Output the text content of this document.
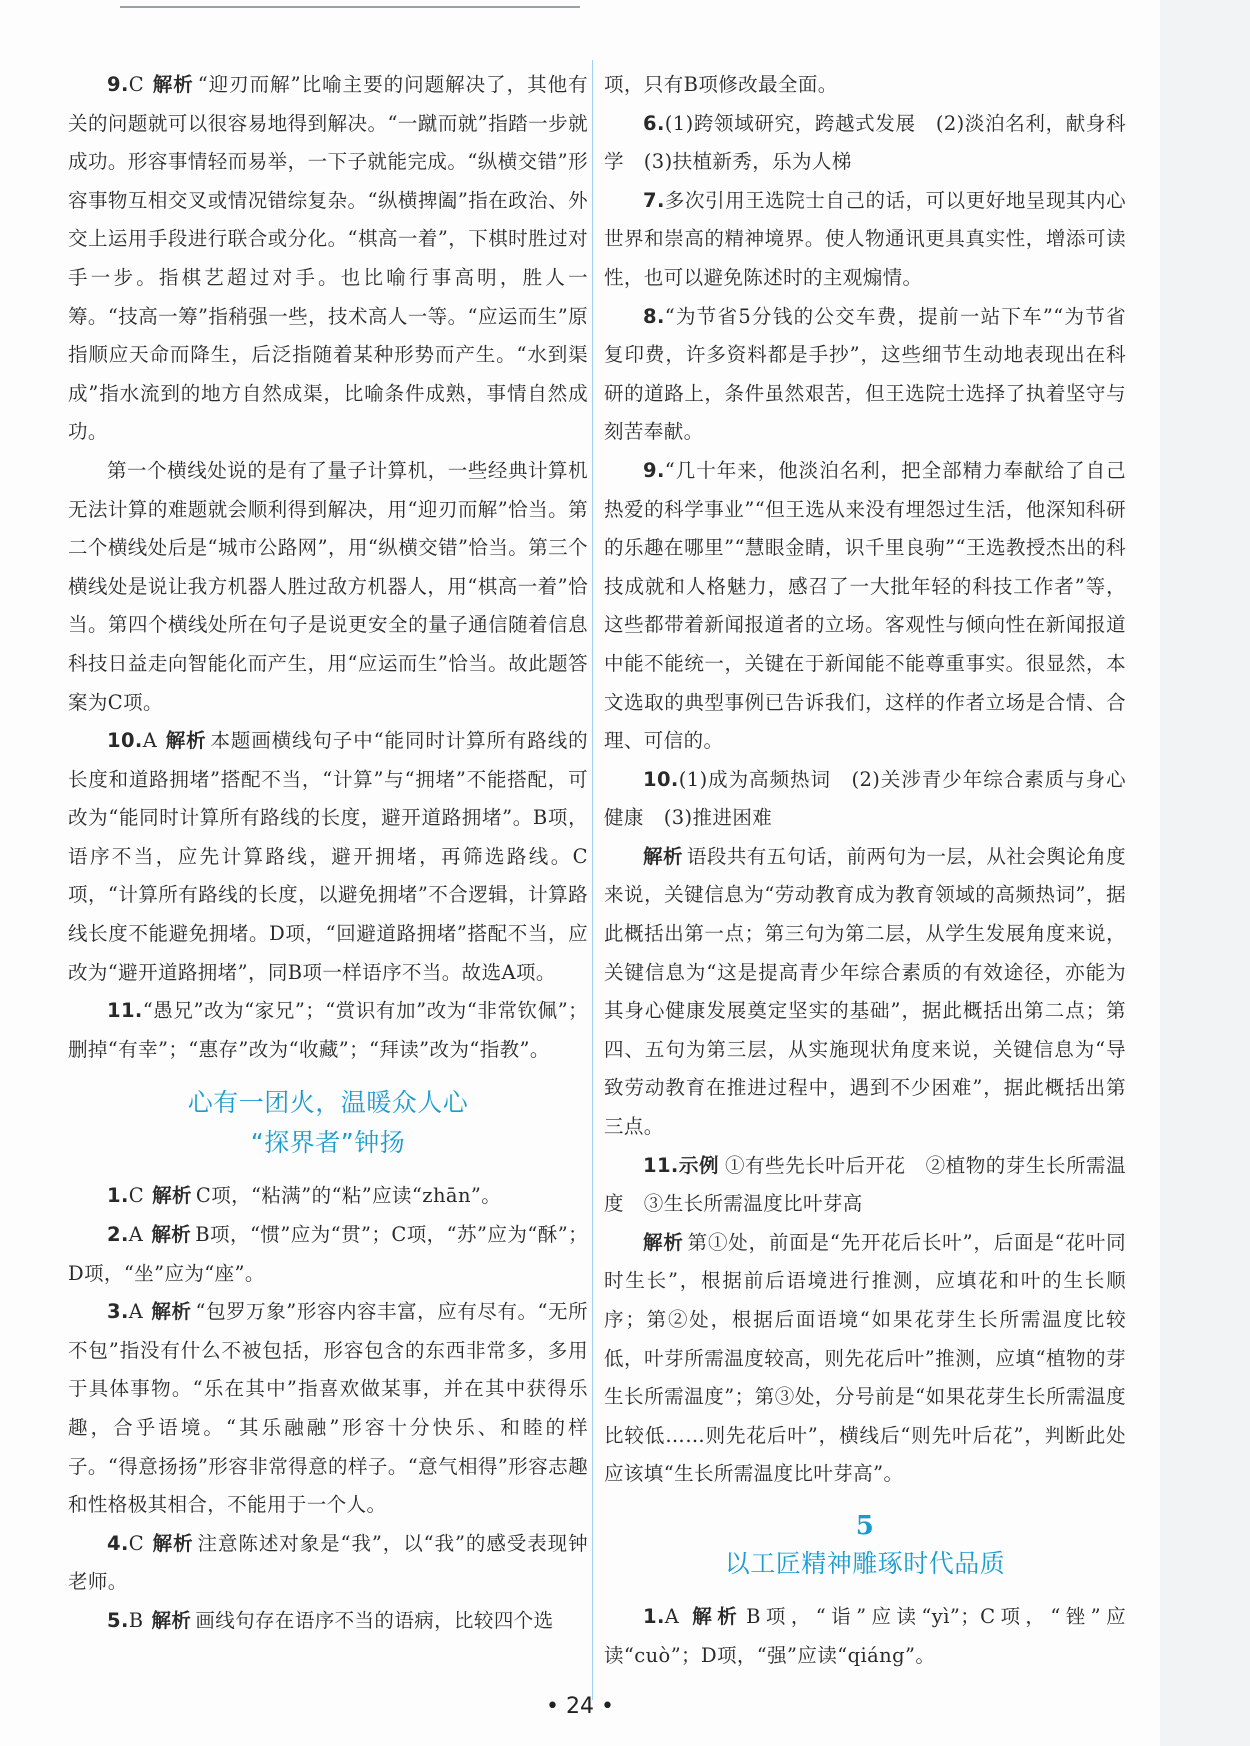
9.C 解析 “迎刃而解”比喻主要的问题解决了，其他有关的问题就可以很容易地得到解决。“一蹴而就”指踏一步就成功。形容事情轻而易举，一下子就能完成。“纵横交错”形容事物互相交叉或情况错综复杂。“纵横捭阖”指在政治、外交上运用手段进行联合或分化。“棋高一着”，下棋时胜过对手一步。指棋艺超过对手。也比喻行事高明，胜人一筹。“技高一筹”指稍强一些，技术高人一等。“应运而生”原指顺应天命而降生，后泛指随着某种形势而产生。“水到渠成”指水流到的地方自然成渠，比喻条件成熟，事情自然成功。

第一个横线处说的是有了量子计算机，一些经典计算机无法计算的难题就会顺利得到解决，用“迎刃而解”恰当。第二个横线处后是“城市公路网”，用“纵横交错”恰当。第三个横线处是说让我方机器人胜过敌方机器人，用“棋高一着”恰当。第四个横线处所在句子是说更安全的量子通信随着信息科技日益走向智能化而产生，用“应运而生”恰当。故此题答案为C项。

10.A 解析 本题画横线句子中“能同时计算所有路线的长度和道路拥堵”搭配不当，“计算”与“拥堵”不能搭配，可改为“能同时计算所有路线的长度，避开道路拥堵”。B项，语序不当，应先计算路线，避开拥堵，再筛选路线。C项，“计算所有路线的长度，以避免拥堵”不合逻辑，计算路线长度不能避免拥堵。D项，“回避道路拥堵”搭配不当，应改为“避开道路拥堵”，同B项一样语序不当。故选A项。

11.“愚兄”改为“家兄”；“赏识有加”改为“非常钦佩”；删掉“有幸”；“惠存”改为“收藏”；“拜读”改为“指教”。

心有一团火，温暖众人心
“探界者”钟扬

1.C 解析 C项，“粘满”的“粘”应读“zhān”。

2.A 解析 B项，“惯”应为“贯”；C项，“苏”应为“酥”；D项，“坐”应为“座”。

3.A 解析 “包罗万象”形容内容丰富，应有尽有。“无所不包”指没有什么不被包括，形容包含的东西非常多，多用于具体事物。“乐在其中”指喜欢做某事，并在其中获得乐趣，合乎语境。“其乐融融”形容十分快乐、和睦的样子。“得意扬扬”形容非常得意的样子。“意气相得”形容志趣和性格极其相合，不能用于一个人。

4.C 解析 注意陈述对象是“我”，以“我”的感受表现钟老师。

5.B 解析 画线句存在语序不当的语病，比较四个选

项，只有B项修改最全面。

6.(1)跨领域研究，跨越式发展　(2)淡泊名利，献身科学　(3)扶植新秀，乐为人梯

7.多次引用王选院士自己的话，可以更好地呈现其内心世界和崇高的精神境界。使人物通讯更具真实性，增添可读性，也可以避免陈述时的主观煽情。

8.“为节省5分钱的公交车费，提前一站下车”“为节省复印费，许多资料都是手抄”，这些细节生动地表现出在科研的道路上，条件虽然艰苦，但王选院士选择了执着坚守与刻苦奉献。

9.“几十年来，他淡泊名利，把全部精力奉献给了自己热爱的科学事业”“但王选从来没有埋怨过生活，他深知科研的乐趣在哪里”“慧眼金睛，识千里良驹”“王选教授杰出的科技成就和人格魅力，感召了一大批年轻的科技工作者”等，这些都带着新闻报道者的立场。客观性与倾向性在新闻报道中能不能统一，关键在于新闻能不能尊重事实。很显然，本文选取的典型事例已告诉我们，这样的作者立场是合情、合理、可信的。

10.(1)成为高频热词　(2)关涉青少年综合素质与身心健康　(3)推进困难

解析 语段共有五句话，前两句为一层，从社会舆论角度来说，关键信息为“劳动教育成为教育领域的高频热词”，据此概括出第一点；第三句为第二层，从学生发展角度来说，关键信息为“这是提高青少年综合素质的有效途径，亦能为其身心健康发展奠定坚实的基础”，据此概括出第二点；第四、五句为第三层，从实施现状角度来说，关键信息为“导致劳动教育在推进过程中，遇到不少困难”，据此概括出第三点。

11.示例 ①有些先长叶后开花　②植物的芽生长所需温度　③生长所需温度比叶芽高

解析 第①处，前面是“先开花后长叶”，后面是“花叶同时生长”，根据前后语境进行推测，应填花和叶的生长顺序；第②处，根据后面语境“如果花芽生长所需温度比较低，叶芽所需温度较高，则先花后叶”推测，应填“植物的芽生长所需温度”；第③处，分号前是“如果花芽生长所需温度比较低……则先花后叶”，横线后“则先叶后花”，判断此处应该填“生长所需温度比叶芽高”。

5
以工匠精神雕琢时代品质

1.A 解析 B项，“诣”应读“yì”；C项，“锉”应读“cuò”；D项，“强”应读“qiáng”。

• 24 •
